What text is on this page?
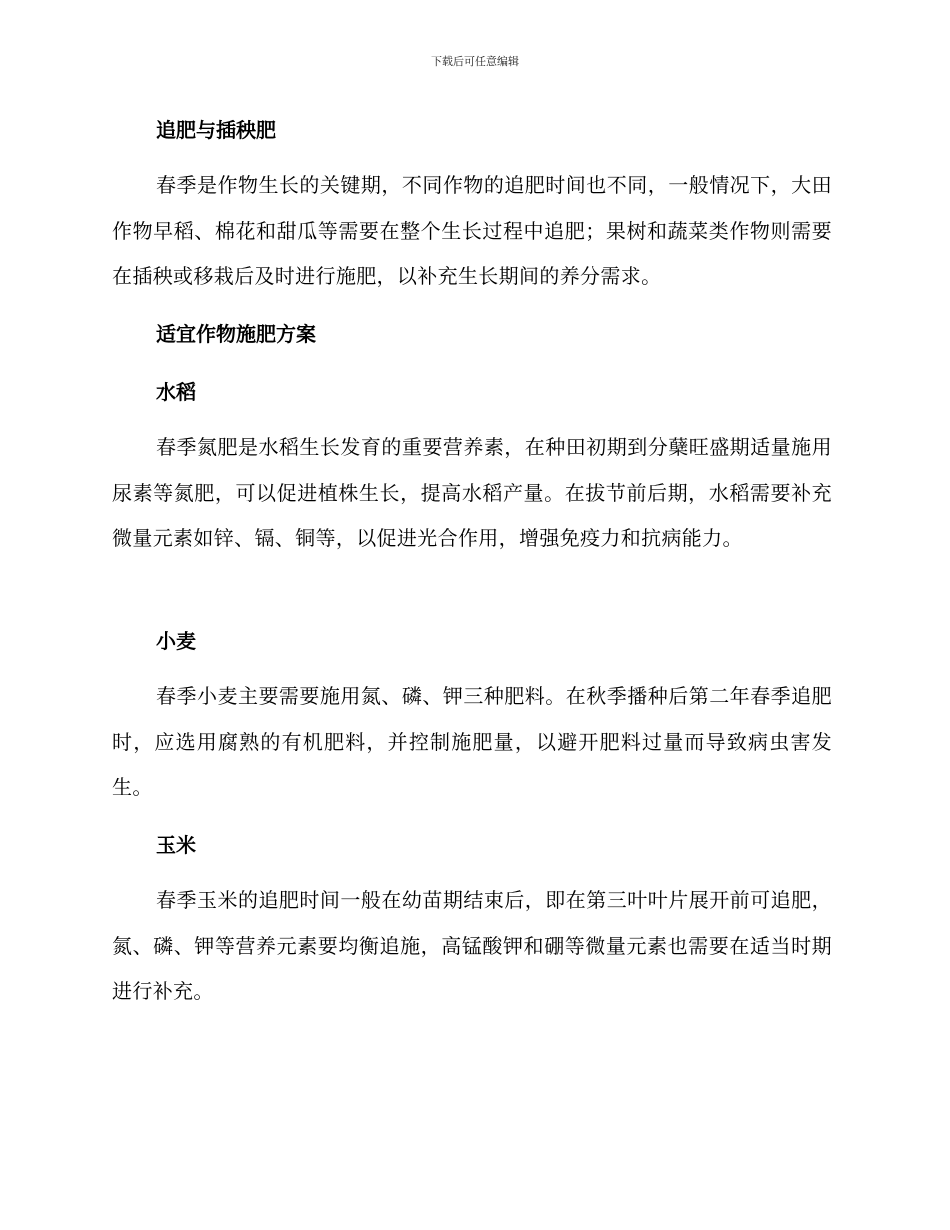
下载后可任意编辑
追肥与插秧肥
春季是作物生长的关键期，不同作物的追肥时间也不同，一般情况下，大田作物早稻、棉花和甜瓜等需要在整个生长过程中追肥；果树和蔬菜类作物则需要在插秧或移栽后及时进行施肥，以补充生长期间的养分需求。
适宜作物施肥方案
水稻
春季氮肥是水稻生长发育的重要营养素，在种田初期到分蘖旺盛期适量施用尿素等氮肥，可以促进植株生长，提高水稻产量。在拔节前后期，水稻需要补充微量元素如锌、镉、铜等，以促进光合作用，增强免疫力和抗病能力。
小麦
春季小麦主要需要施用氮、磷、钾三种肥料。在秋季播种后第二年春季追肥时，应选用腐熟的有机肥料，并控制施肥量，以避开肥料过量而导致病虫害发生。
玉米
春季玉米的追肥时间一般在幼苗期结束后，即在第三叶叶片展开前可追肥，氮、磷、钾等营养元素要均衡追施，高锰酸钾和硼等微量元素也需要在适当时期进行补充。
